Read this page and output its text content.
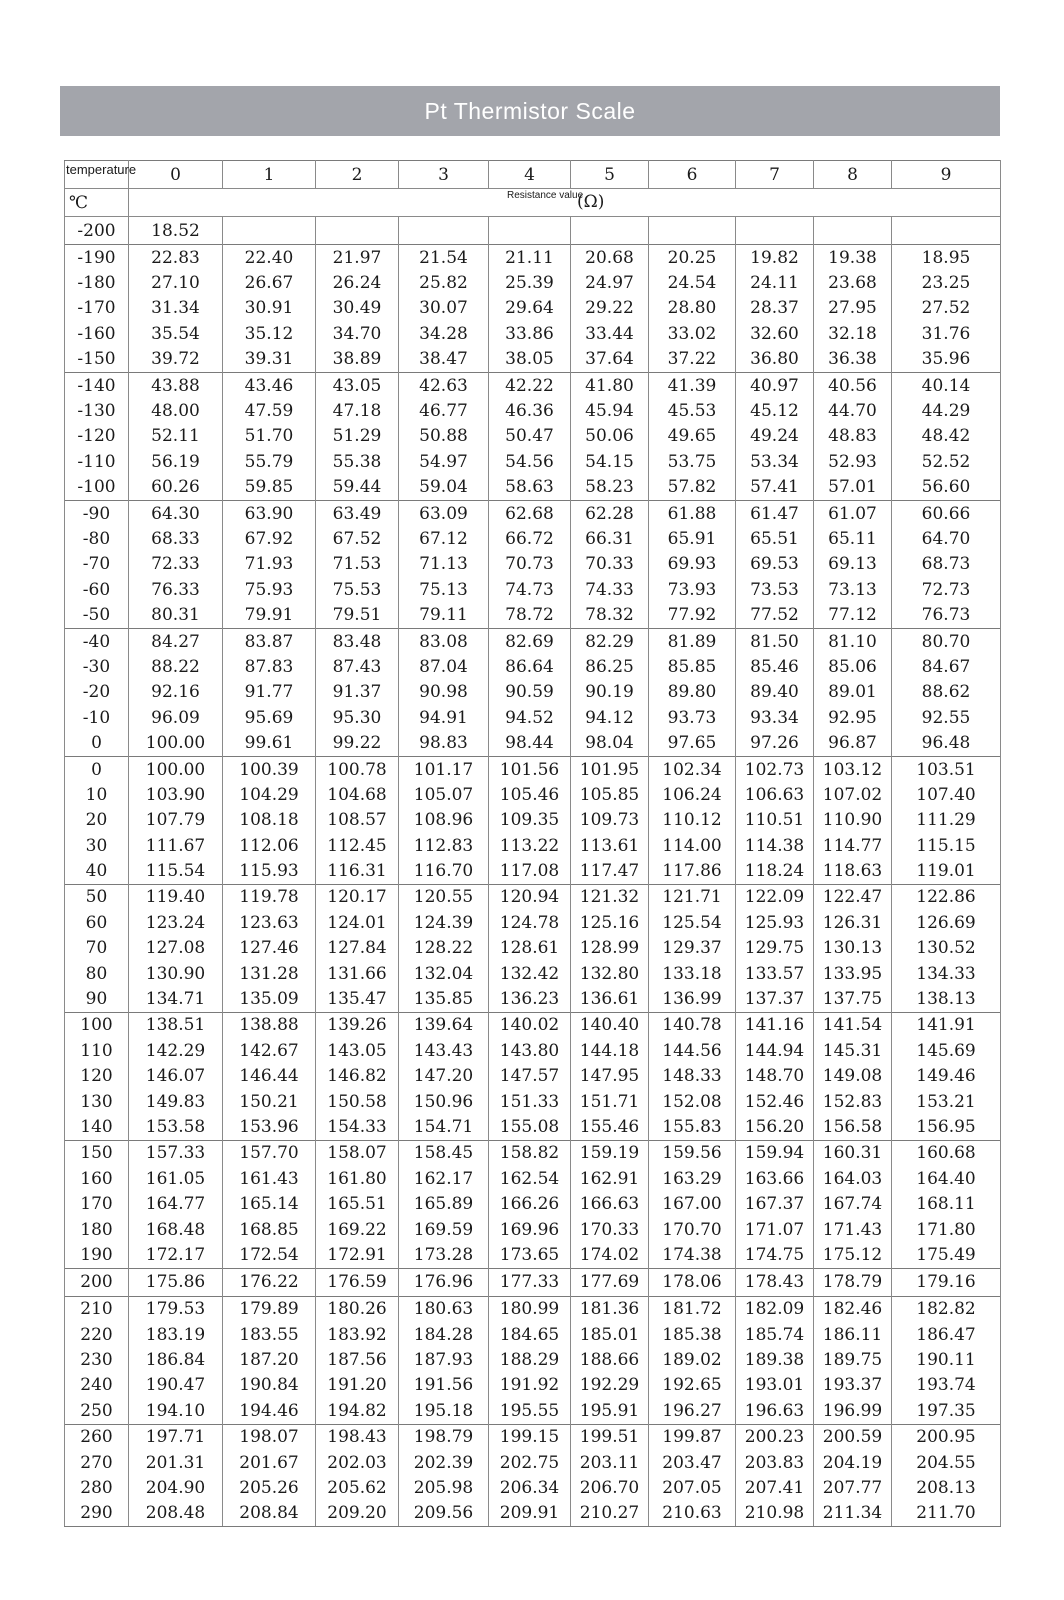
Pt Thermistor Scale
temperature	0	1	2	3	4	5	6	7	8	9
℃	Resistance value
(Ω)									

-200	18.52									
-190	22.83	22.40	21.97	21.54	21.11	20.68	20.25	19.82	19.38	18.95
-180	27.10	26.67	26.24	25.82	25.39	24.97	24.54	24.11	23.68	23.25
-170	31.34	30.91	30.49	30.07	29.64	29.22	28.80	28.37	27.95	27.52
-160	35.54	35.12	34.70	34.28	33.86	33.44	33.02	32.60	32.18	31.76
-150	39.72	39.31	38.89	38.47	38.05	37.64	37.22	36.80	36.38	35.96
-140	43.88	43.46	43.05	42.63	42.22	41.80	41.39	40.97	40.56	40.14
-130	48.00	47.59	47.18	46.77	46.36	45.94	45.53	45.12	44.70	44.29
-120	52.11	51.70	51.29	50.88	50.47	50.06	49.65	49.24	48.83	48.42
-110	56.19	55.79	55.38	54.97	54.56	54.15	53.75	53.34	52.93	52.52
-100	60.26	59.85	59.44	59.04	58.63	58.23	57.82	57.41	57.01	56.60
-90	64.30	63.90	63.49	63.09	62.68	62.28	61.88	61.47	61.07	60.66
-80	68.33	67.92	67.52	67.12	66.72	66.31	65.91	65.51	65.11	64.70
-70	72.33	71.93	71.53	71.13	70.73	70.33	69.93	69.53	69.13	68.73
-60	76.33	75.93	75.53	75.13	74.73	74.33	73.93	73.53	73.13	72.73
-50	80.31	79.91	79.51	79.11	78.72	78.32	77.92	77.52	77.12	76.73
-40	84.27	83.87	83.48	83.08	82.69	82.29	81.89	81.50	81.10	80.70
-30	88.22	87.83	87.43	87.04	86.64	86.25	85.85	85.46	85.06	84.67
-20	92.16	91.77	91.37	90.98	90.59	90.19	89.80	89.40	89.01	88.62
-10	96.09	95.69	95.30	94.91	94.52	94.12	93.73	93.34	92.95	92.55
0	100.00	99.61	99.22	98.83	98.44	98.04	97.65	97.26	96.87	96.48
0	100.00	100.39	100.78	101.17	101.56	101.95	102.34	102.73	103.12	103.51
10	103.90	104.29	104.68	105.07	105.46	105.85	106.24	106.63	107.02	107.40
20	107.79	108.18	108.57	108.96	109.35	109.73	110.12	110.51	110.90	111.29
30	111.67	112.06	112.45	112.83	113.22	113.61	114.00	114.38	114.77	115.15
40	115.54	115.93	116.31	116.70	117.08	117.47	117.86	118.24	118.63	119.01
50	119.40	119.78	120.17	120.55	120.94	121.32	121.71	122.09	122.47	122.86
60	123.24	123.63	124.01	124.39	124.78	125.16	125.54	125.93	126.31	126.69
70	127.08	127.46	127.84	128.22	128.61	128.99	129.37	129.75	130.13	130.52
80	130.90	131.28	131.66	132.04	132.42	132.80	133.18	133.57	133.95	134.33
90	134.71	135.09	135.47	135.85	136.23	136.61	136.99	137.37	137.75	138.13
100	138.51	138.88	139.26	139.64	140.02	140.40	140.78	141.16	141.54	141.91
110	142.29	142.67	143.05	143.43	143.80	144.18	144.56	144.94	145.31	145.69
120	146.07	146.44	146.82	147.20	147.57	147.95	148.33	148.70	149.08	149.46
130	149.83	150.21	150.58	150.96	151.33	151.71	152.08	152.46	152.83	153.21
140	153.58	153.96	154.33	154.71	155.08	155.46	155.83	156.20	156.58	156.95
150	157.33	157.70	158.07	158.45	158.82	159.19	159.56	159.94	160.31	160.68
160	161.05	161.43	161.80	162.17	162.54	162.91	163.29	163.66	164.03	164.40
170	164.77	165.14	165.51	165.89	166.26	166.63	167.00	167.37	167.74	168.11
180	168.48	168.85	169.22	169.59	169.96	170.33	170.70	171.07	171.43	171.80
190	172.17	172.54	172.91	173.28	173.65	174.02	174.38	174.75	175.12	175.49
200	175.86	176.22	176.59	176.96	177.33	177.69	178.06	178.43	178.79	179.16
210	179.53	179.89	180.26	180.63	180.99	181.36	181.72	182.09	182.46	182.82
220	183.19	183.55	183.92	184.28	184.65	185.01	185.38	185.74	186.11	186.47
230	186.84	187.20	187.56	187.93	188.29	188.66	189.02	189.38	189.75	190.11
240	190.47	190.84	191.20	191.56	191.92	192.29	192.65	193.01	193.37	193.74
250	194.10	194.46	194.82	195.18	195.55	195.91	196.27	196.63	196.99	197.35
260	197.71	198.07	198.43	198.79	199.15	199.51	199.87	200.23	200.59	200.95
270	201.31	201.67	202.03	202.39	202.75	203.11	203.47	203.83	204.19	204.55
280	204.90	205.26	205.62	205.98	206.34	206.70	207.05	207.41	207.77	208.13
290	208.48	208.84	209.20	209.56	209.91	210.27	210.63	210.98	211.34	211.70
